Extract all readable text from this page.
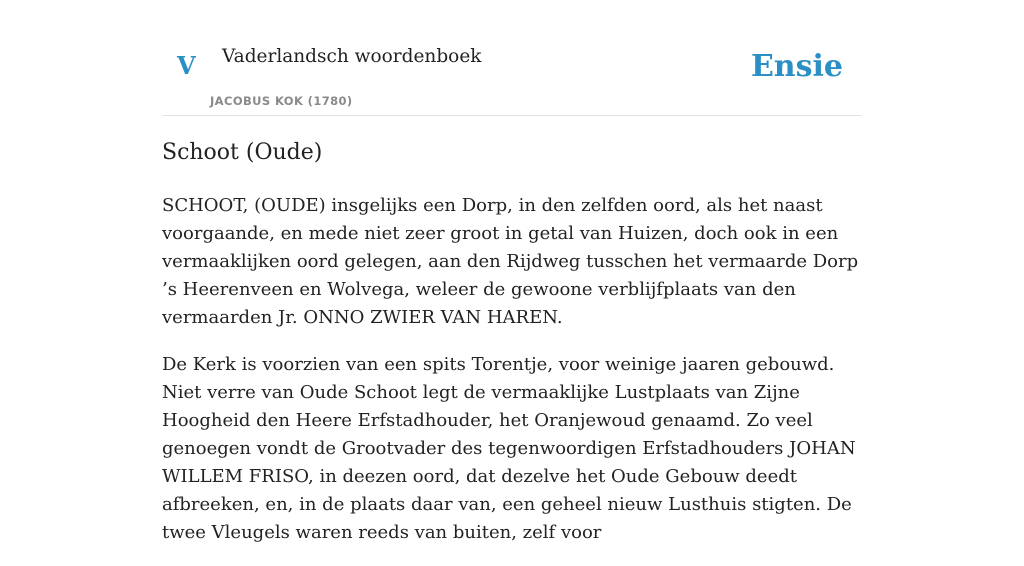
V Vaderlandsch woordenboek
JACOBUS KOK (1780)
Ensie
Schoot (Oude)

SCHOOT, (OUDE) insgelijks een Dorp, in den zelfden oord, als het naast voorgaande, en mede niet zeer groot in getal van Huizen, doch ook in een vermaaklijken oord gelegen, aan den Rijdweg tusschen het vermaarde Dorp ’s Heerenveen en Wolvega, weleer de gewoone verblijfplaats van den vermaarden Jr. ONNO ZWIER VAN HAREN.

De Kerk is voorzien van een spits Torentje, voor weinige jaaren gebouwd. Niet verre van Oude Schoot legt de vermaaklijke Lustplaats van Zijne Hoogheid den Heere Erfstadhouder, het Oranjewoud genaamd. Zo veel genoegen vondt de Grootvader des tegenwoordigen Erfstadhouders JOHAN WILLEM FRISO, in deezen oord, dat dezelve het Oude Gebouw deedt afbreeken, en, in de plaats daar van, een geheel nieuw Lusthuis stigten. De twee Vleugels waren reeds van buiten, zelf voor
